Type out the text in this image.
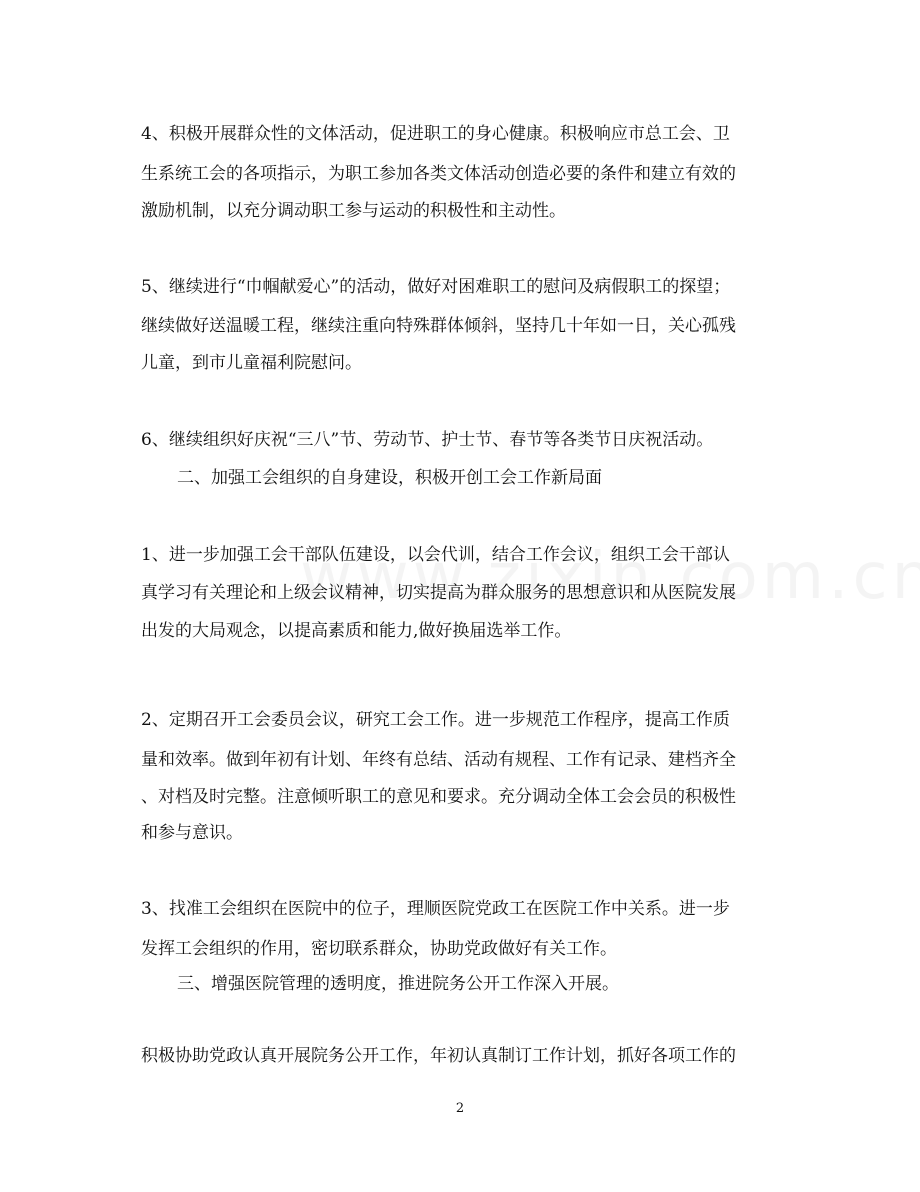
4、积极开展群众性的文体活动，促进职工的身心健康。积极响应市总工会、卫
生系统工会的各项指示，为职工参加各类文体活动创造必要的条件和建立有效的
激励机制，以充分调动职工参与运动的积极性和主动性。
5、继续进行“巾帼献爱心”的活动，做好对困难职工的慰问及病假职工的探望；
继续做好送温暖工程，继续注重向特殊群体倾斜，坚持几十年如一日，关心孤残
儿童，到市儿童福利院慰问。
6、继续组织好庆祝“三八”节、劳动节、护士节、春节等各类节日庆祝活动。
二、加强工会组织的自身建设，积极开创工会工作新局面
1、进一步加强工会干部队伍建设，以会代训，结合工作会议，组织工会干部认
真学习有关理论和上级会议精神，切实提高为群众服务的思想意识和从医院发展
出发的大局观念，以提高素质和能力,做好换届选举工作。
2、定期召开工会委员会议，研究工会工作。进一步规范工作程序，提高工作质
量和效率。做到年初有计划、年终有总结、活动有规程、工作有记录、建档齐全
、对档及时完整。注意倾听职工的意见和要求。充分调动全体工会会员的积极性
和参与意识。
3、找准工会组织在医院中的位子，理顺医院党政工在医院工作中关系。进一步
发挥工会组织的作用，密切联系群众，协助党政做好有关工作。
三、增强医院管理的透明度，推进院务公开工作深入开展。
积极协助党政认真开展院务公开工作，年初认真制订工作计划，抓好各项工作的
2
